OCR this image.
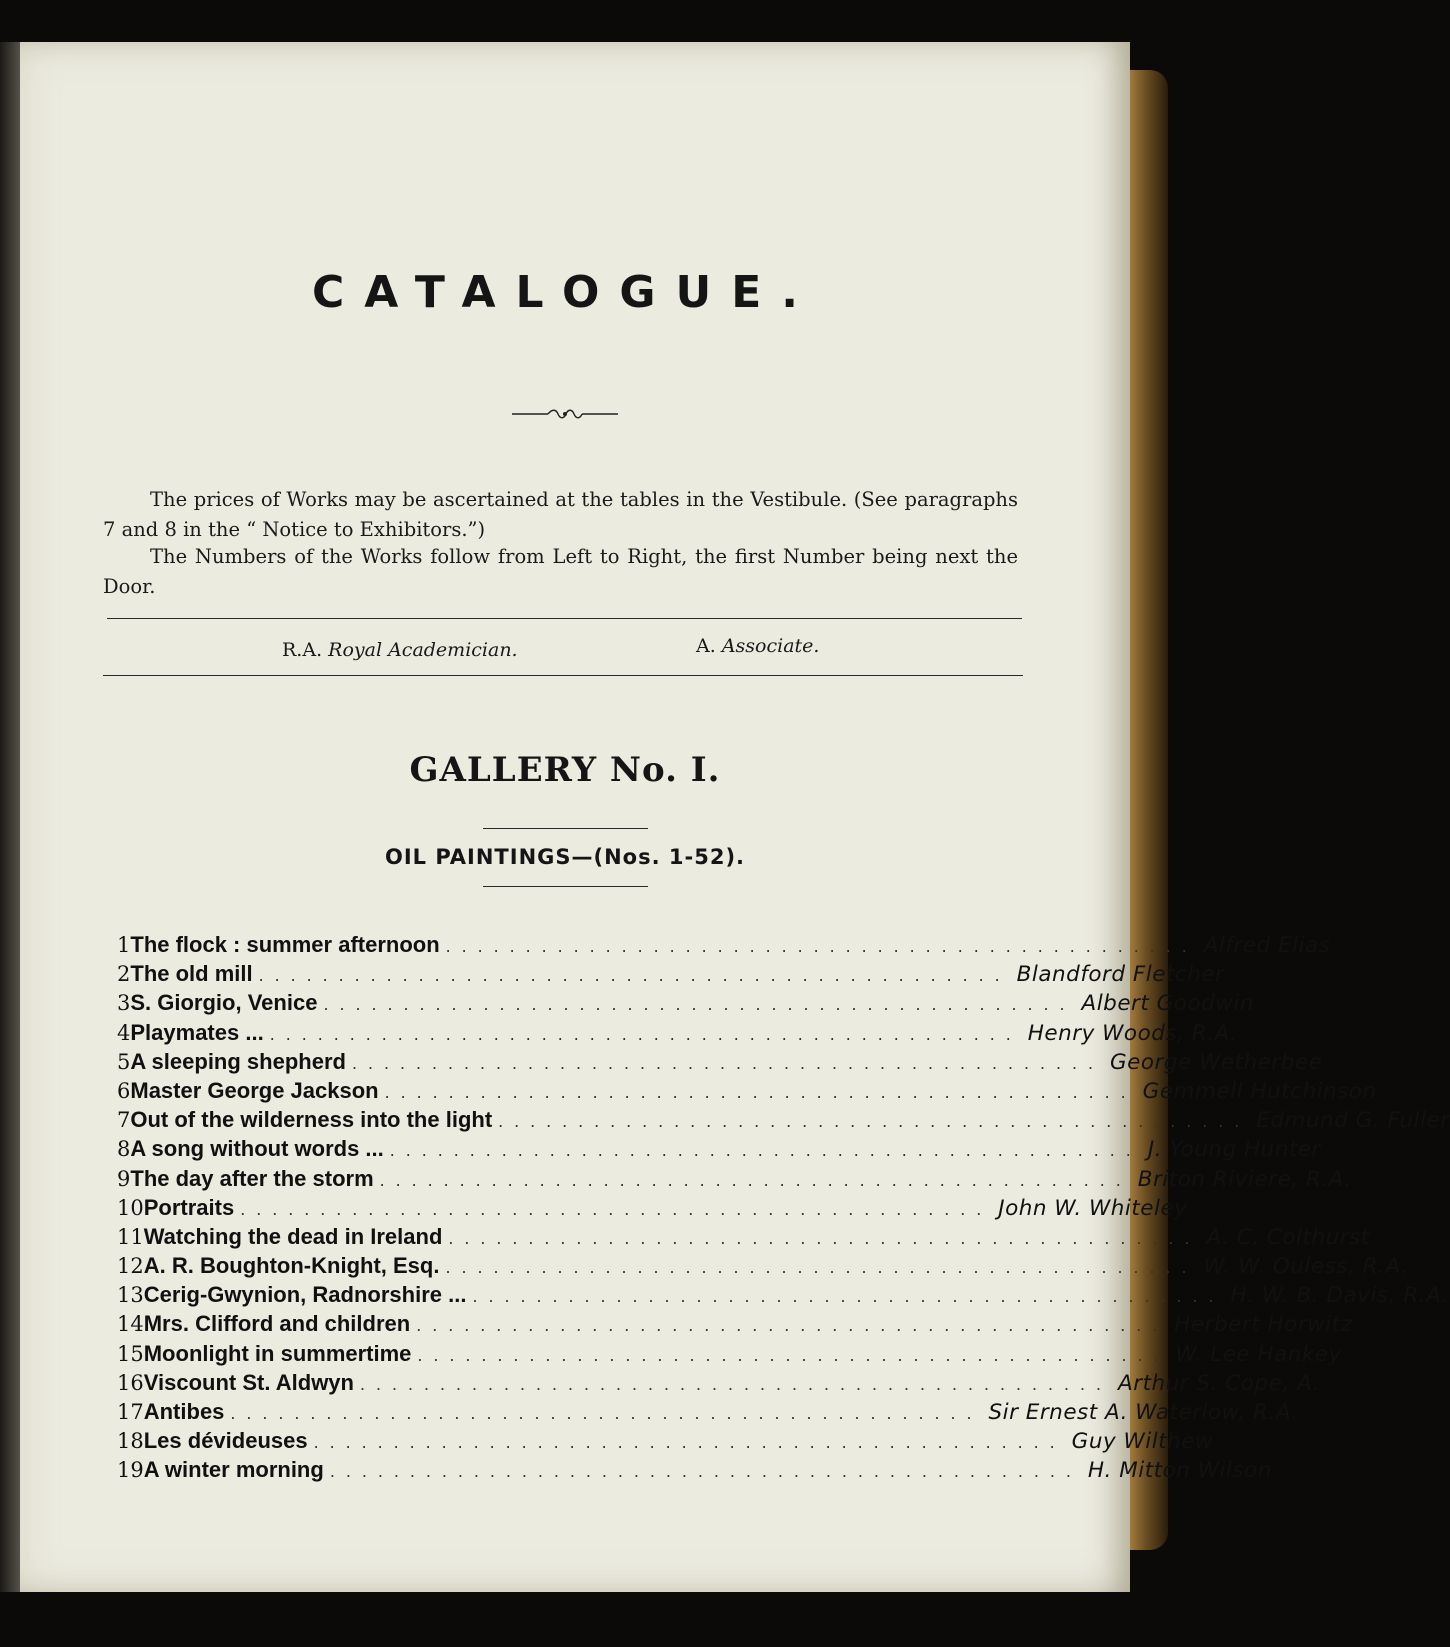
CATALOGUE.

The prices of Works may be ascertained at the tables in the Vestibule. (See paragraphs 7 and 8 in the “ Notice to Exhibitors.”)

The Numbers of the Works follow from Left to Right, the first Number being next the Door.

R.A. Royal Academician.	A. Associate.
GALLERY No. I.
OIL PAINTINGS—(Nos. 1-52).
1 The flock : summer afternoon ............................................... Alfred Elias
2 The old mill ............................................... Blandford Fletcher
3 S. Giorgio, Venice ............................................... Albert Goodwin
4 Playmates ... ............................................... Henry Woods, R.A.
5 A sleeping shepherd ............................................... George Wetherbee
6 Master George Jackson ............................................... Gemmell Hutchinson
7 Out of the wilderness into the light ............................................... Edmund G. Fuller
8 A song without words ... ............................................... J. Young Hunter
9 The day after the storm ............................................... Briton Riviere, R.A.
10 Portraits ............................................... John W. Whiteley
11 Watching the dead in Ireland ............................................... A. C. Colthurst
12 A. R. Boughton-Knight, Esq. ............................................... W. W. Ouless, R.A.
13 Cerig-Gwynion, Radnorshire ... ............................................... H. W. B. Davis, R.A.
14 Mrs. Clifford and children ............................................... Herbert Horwitz
15 Moonlight in summertime ............................................... W. Lee Hankey
16 Viscount St. Aldwyn ............................................... Arthur S. Cope, A.
17 Antibes ............................................... Sir Ernest A. Waterlow, R.A.
18 Les dévideuses ............................................... Guy Wilthew
19 A winter morning ............................................... H. Mitton Wilson
